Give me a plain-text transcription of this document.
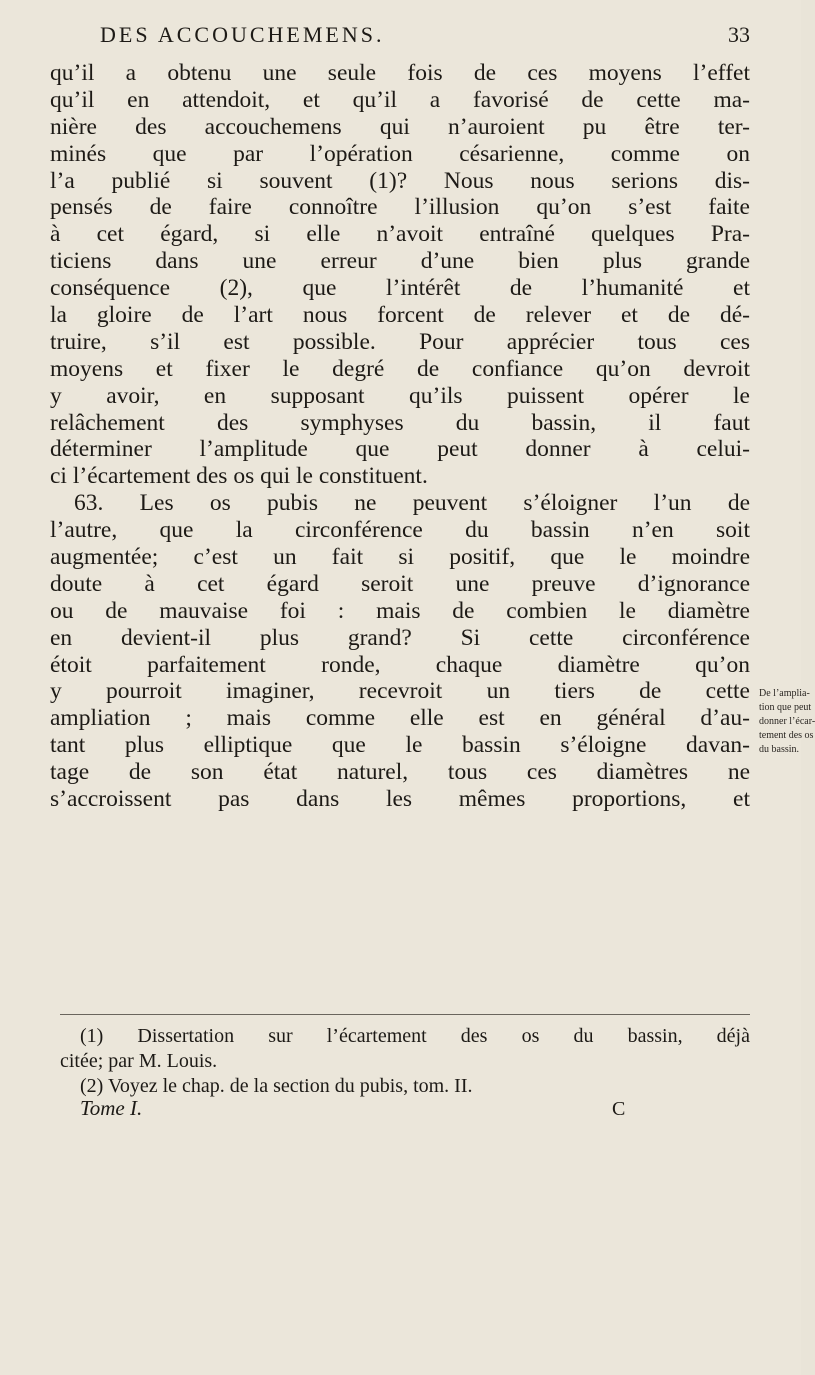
DES ACCOUCHEMENS.	33
qu’il a obtenu une seule fois de ces moyens l’effet
qu’il en attendoit, et qu’il a favorisé de cette ma-
nière des accouchemens qui n’auroient pu être ter-
minés que par l’opération césarienne, comme on
l’a publié si souvent (1)? Nous nous serions dis-
pensés de faire connoître l’illusion qu’on s’est faite
à cet égard, si elle n’avoit entraîné quelques Pra-
ticiens dans une erreur d’une bien plus grande
conséquence (2), que l’intérêt de l’humanité et
la gloire de l’art nous forcent de relever et de dé-
truire, s’il est possible. Pour apprécier tous ces
moyens et fixer le degré de confiance qu’on devroit
y avoir, en supposant qu’ils puissent opérer le
relâchement des symphyses du bassin, il faut
déterminer l’amplitude que peut donner à celui-
ci l’écartement des os qui le constituent.
63. Les os pubis ne peuvent s’éloigner l’un de
l’autre, que la circonférence du bassin n’en soit
augmentée; c’est un fait si positif, que le moindre
doute à cet égard seroit une preuve d’ignorance
ou de mauvaise foi : mais de combien le diamètre
en devient-il plus grand? Si cette circonférence
étoit parfaitement ronde, chaque diamètre qu’on
y pourroit imaginer, recevroit un tiers de cette
ampliation ; mais comme elle est en général d’au-
tant plus elliptique que le bassin s’éloigne davan-
tage de son état naturel, tous ces diamètres ne
s’accroissent pas dans les mêmes proportions, et
De l’amplia-
tion que peut
donner l’écar-
tement des os
du bassin.
(1) Dissertation sur l’écartement des os du bassin, déjà
citée; par M. Louis.
(2) Voyez le chap. de la section du pubis, tom. II.
Tome I.	C
